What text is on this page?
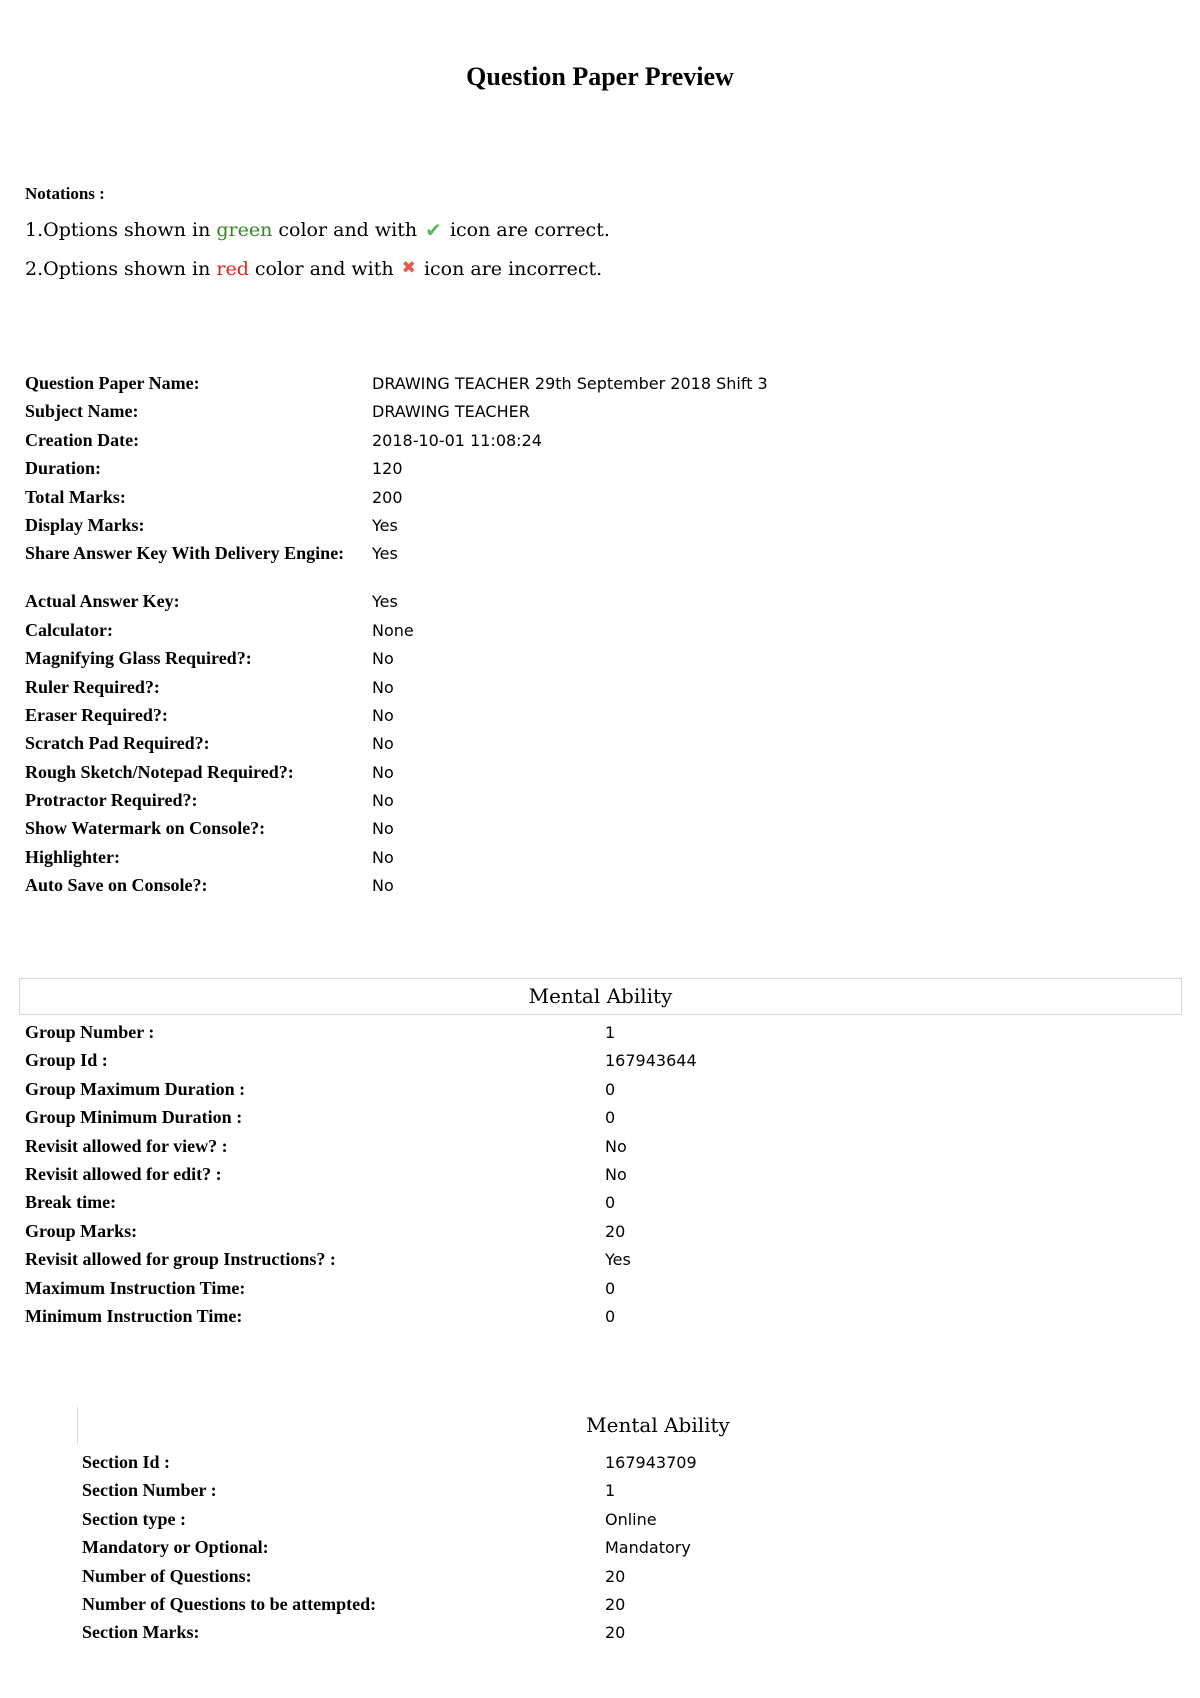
Question Paper Preview
Notations :
1.Options shown in green color and with ✔ icon are correct.
2.Options shown in red color and with ✖ icon are incorrect.
Question Paper Name:	DRAWING TEACHER 29th September 2018 Shift 3
Subject Name:	DRAWING TEACHER
Creation Date:	2018-10-01 11:08:24
Duration:	120
Total Marks:	200
Display Marks:	Yes
Share Answer Key With Delivery Engine:	Yes
Actual Answer Key:	Yes
Calculator:	None
Magnifying Glass Required?:	No
Ruler Required?:	No
Eraser Required?:	No
Scratch Pad Required?:	No
Rough Sketch/Notepad Required?:	No
Protractor Required?:	No
Show Watermark on Console?:	No
Highlighter:	No
Auto Save on Console?:	No
Mental Ability
Group Number :	1
Group Id :	167943644
Group Maximum Duration :	0
Group Minimum Duration :	0
Revisit allowed for view? :	No
Revisit allowed for edit? :	No
Break time:	0
Group Marks:	20
Revisit allowed for group Instructions? :	Yes
Maximum Instruction Time:	0
Minimum Instruction Time:	0
Mental Ability
Section Id :	167943709
Section Number :	1
Section type :	Online
Mandatory or Optional:	Mandatory
Number of Questions:	20
Number of Questions to be attempted:	20
Section Marks:	20
